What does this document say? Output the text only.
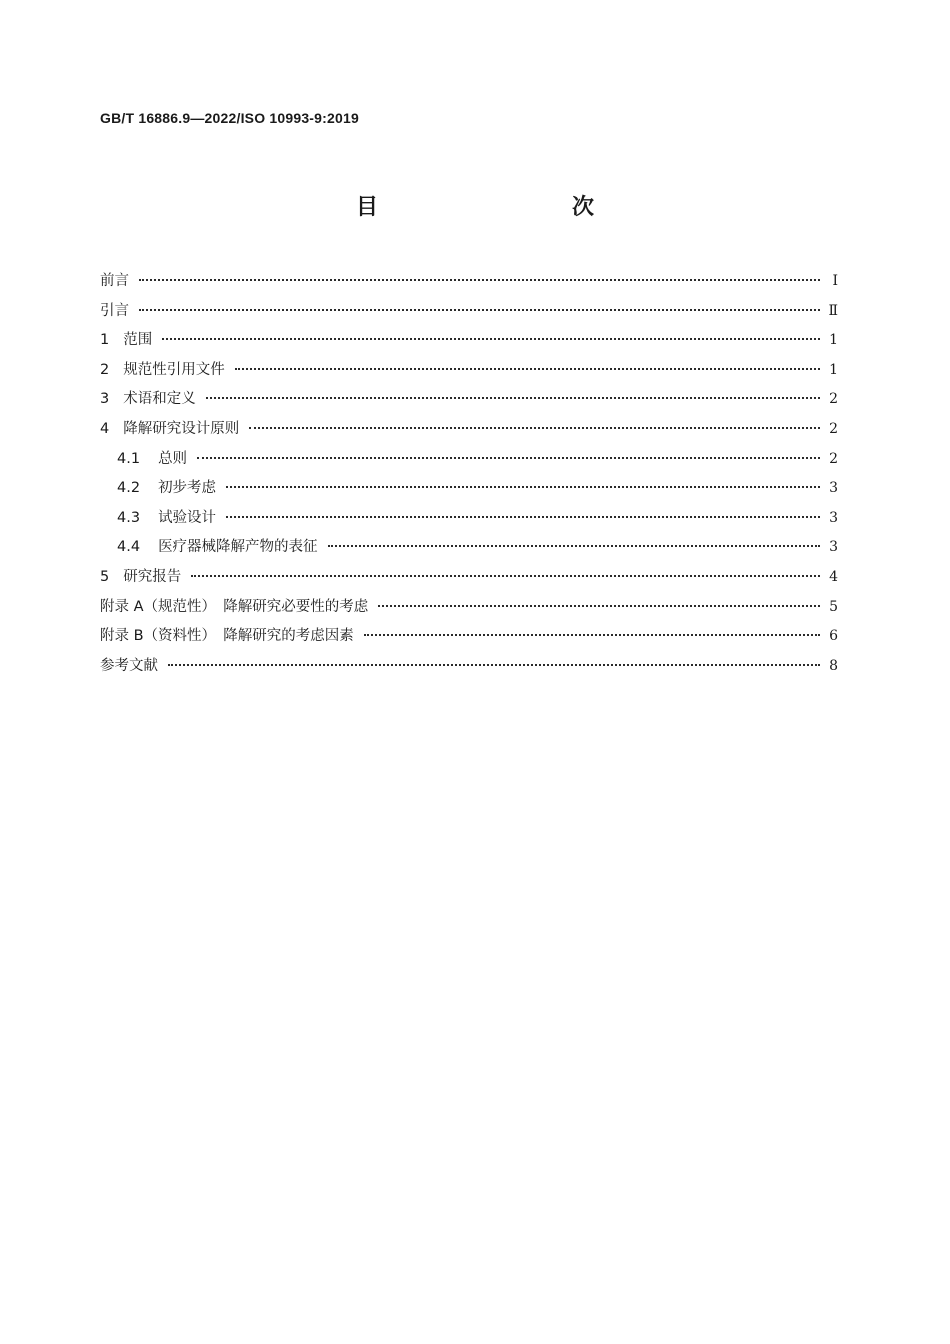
GB/T 16886.9—2022/ISO 10993-9:2019
目　　次
前言	Ⅰ
引言	Ⅱ
1 范围	1
2 规范性引用文件	1
3 术语和定义	2
4 降解研究设计原则	2
4.1 总则	2
4.2 初步考虑	3
4.3 试验设计	3
4.4 医疗器械降解产物的表征	3
5 研究报告	4
附录 A（规范性）　降解研究必要性的考虑	5
附录 B（资料性）　降解研究的考虑因素	6
参考文献	8
